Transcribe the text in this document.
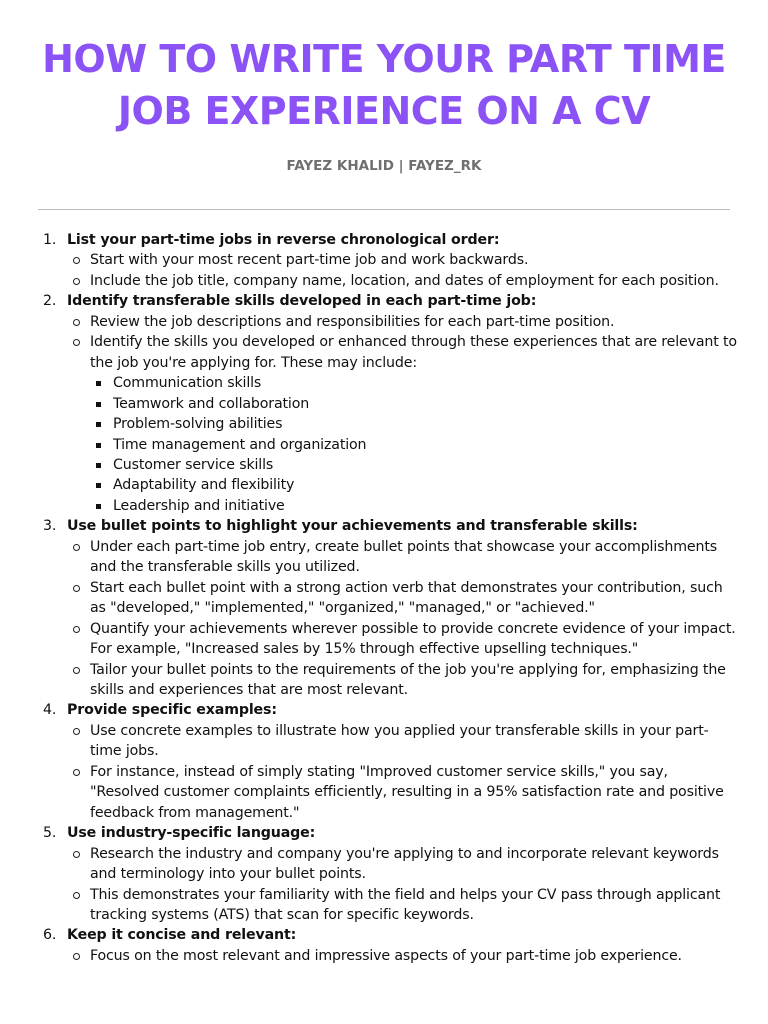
HOW TO WRITE YOUR PART TIME
JOB EXPERIENCE ON A CV
FAYEZ KHALID | FAYEZ_RK
1. List your part-time jobs in reverse chronological order:
Start with your most recent part-time job and work backwards.
Include the job title, company name, location, and dates of employment for each position.
2. Identify transferable skills developed in each part-time job:
Review the job descriptions and responsibilities for each part-time position.
Identify the skills you developed or enhanced through these experiences that are relevant to the job you're applying for. These may include:
Communication skills
Teamwork and collaboration
Problem-solving abilities
Time management and organization
Customer service skills
Adaptability and flexibility
Leadership and initiative
3. Use bullet points to highlight your achievements and transferable skills:
Under each part-time job entry, create bullet points that showcase your accomplishments and the transferable skills you utilized.
Start each bullet point with a strong action verb that demonstrates your contribution, such as "developed," "implemented," "organized," "managed," or "achieved."
Quantify your achievements wherever possible to provide concrete evidence of your impact. For example, "Increased sales by 15% through effective upselling techniques."
Tailor your bullet points to the requirements of the job you're applying for, emphasizing the skills and experiences that are most relevant.
4. Provide specific examples:
Use concrete examples to illustrate how you applied your transferable skills in your part-time jobs.
For instance, instead of simply stating "Improved customer service skills," you say, "Resolved customer complaints efficiently, resulting in a 95% satisfaction rate and positive feedback from management."
5. Use industry-specific language:
Research the industry and company you're applying to and incorporate relevant keywords and terminology into your bullet points.
This demonstrates your familiarity with the field and helps your CV pass through applicant tracking systems (ATS) that scan for specific keywords.
6. Keep it concise and relevant:
Focus on the most relevant and impressive aspects of your part-time job experience.
